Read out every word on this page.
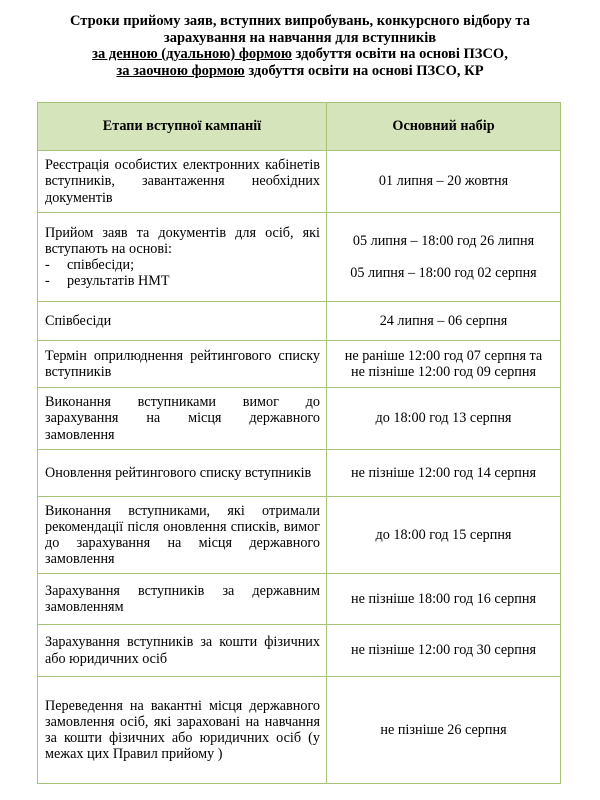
Строки прийому заяв, вступних випробувань, конкурсного відбору та
зарахування на навчання для вступників
за денною (дуальною) формою здобуття освіти на основі ПЗСО,
за заочною формою здобуття освіти на основі ПЗСО, КР
Етапи вступної кампанії	Основний набір
Реєстрація особистих електронних кабінетів вступників, завантаження необхідних документів	01 липня – 20 жовтня

Прийом заяв та документів для осіб, які вступають на основі:
- співбесіди;
- результатів НМТ	05 липня – 18:00 год 26 липня
05 липня – 18:00 год 02 серпня

Співбесіди	24 липня – 06 серпня
Термін оприлюднення рейтингового списку вступників	не раніше 12:00 год 07 серпня та
не пізніше 12:00 год 09 серпня

Виконання вступниками вимог до зарахування на місця державного замовлення	до 18:00 год 13 серпня
Оновлення рейтингового списку вступників	не пізніше 12:00 год 14 серпня
Виконання вступниками, які отримали рекомендації після оновлення списків, вимог до зарахування на місця державного замовлення	до 18:00 год 15 серпня
Зарахування вступників за державним замовленням	не пізніше 18:00 год 16 серпня
Зарахування вступників за кошти фізичних або юридичних осіб	не пізніше 12:00 год 30 серпня
Переведення на вакантні місця державного замовлення осіб, які зараховані на навчання за кошти фізичних або юридичних осіб (у межах цих Правил прийому )	не пізніше 26 серпня
